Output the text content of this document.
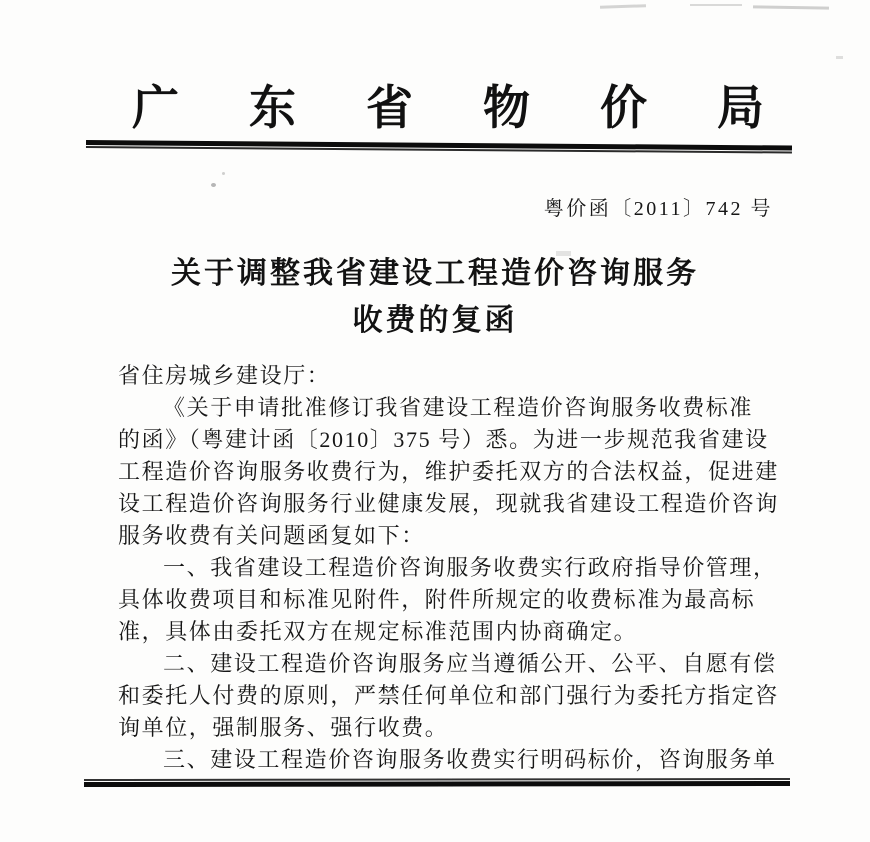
广东省物价局
粤价函〔2011〕742 号
关于调整我省建设工程造价咨询服务
收费的复函
省住房城乡建设厅：
《关于申请批准修订我省建设工程造价咨询服务收费标准
的函》（粤建计函〔2010〕375 号）悉。为进一步规范我省建设
工程造价咨询服务收费行为，维护委托双方的合法权益，促进建
设工程造价咨询服务行业健康发展，现就我省建设工程造价咨询
服务收费有关问题函复如下：
一、我省建设工程造价咨询服务收费实行政府指导价管理，
具体收费项目和标准见附件，附件所规定的收费标准为最高标
准，具体由委托双方在规定标准范围内协商确定。
二、建设工程造价咨询服务应当遵循公开、公平、自愿有偿
和委托人付费的原则，严禁任何单位和部门强行为委托方指定咨
询单位，强制服务、强行收费。
三、建设工程造价咨询服务收费实行明码标价，咨询服务单
